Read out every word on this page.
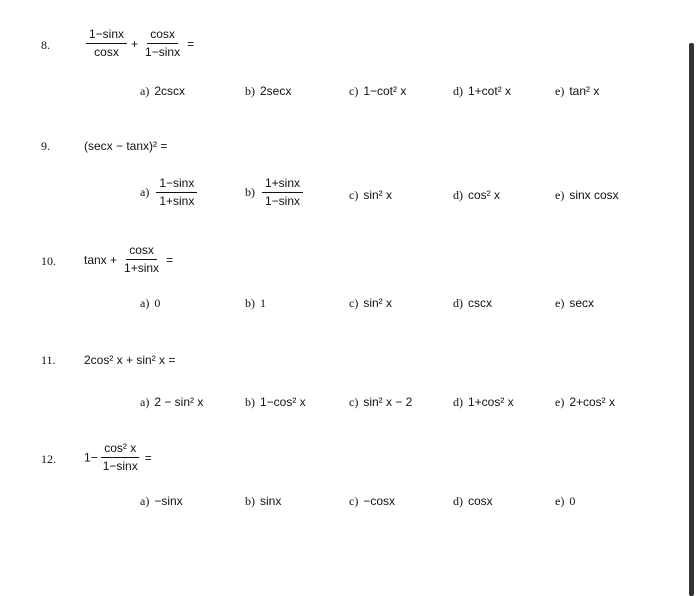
8.	$\frac{1-\sin x}{\cos x} + \frac{\cos x}{1-\sin x}$ =
a) 2cscx	b) 2secx	c) 1−cot² x	d) 1+cot² x	e) tan² x
9.	(secx − tanx)² =
$a) \frac{1-\sin x}{1+\sin x}$	$b) \frac{1+\sin x}{1-\sin x}$	c) sin² x	d) cos² x	e) sinx cosx
10. $\tan x + \frac{\cos x}{1+\sin x}$ =
a) 0	b) 1	c) sin² x	d) cscx	e) secx
11. 2cos² x + sin² x =
a) 2 − sin² x	b) 1−cos² x	c) sin² x − 2	d) 1+cos² x	e) 2+cos² x
12. $1- \frac{\text{cos² x}}{1-\sin x}$ =
a) −sinx	b) sinx	c) −cosx	d) cosx	e) 0
